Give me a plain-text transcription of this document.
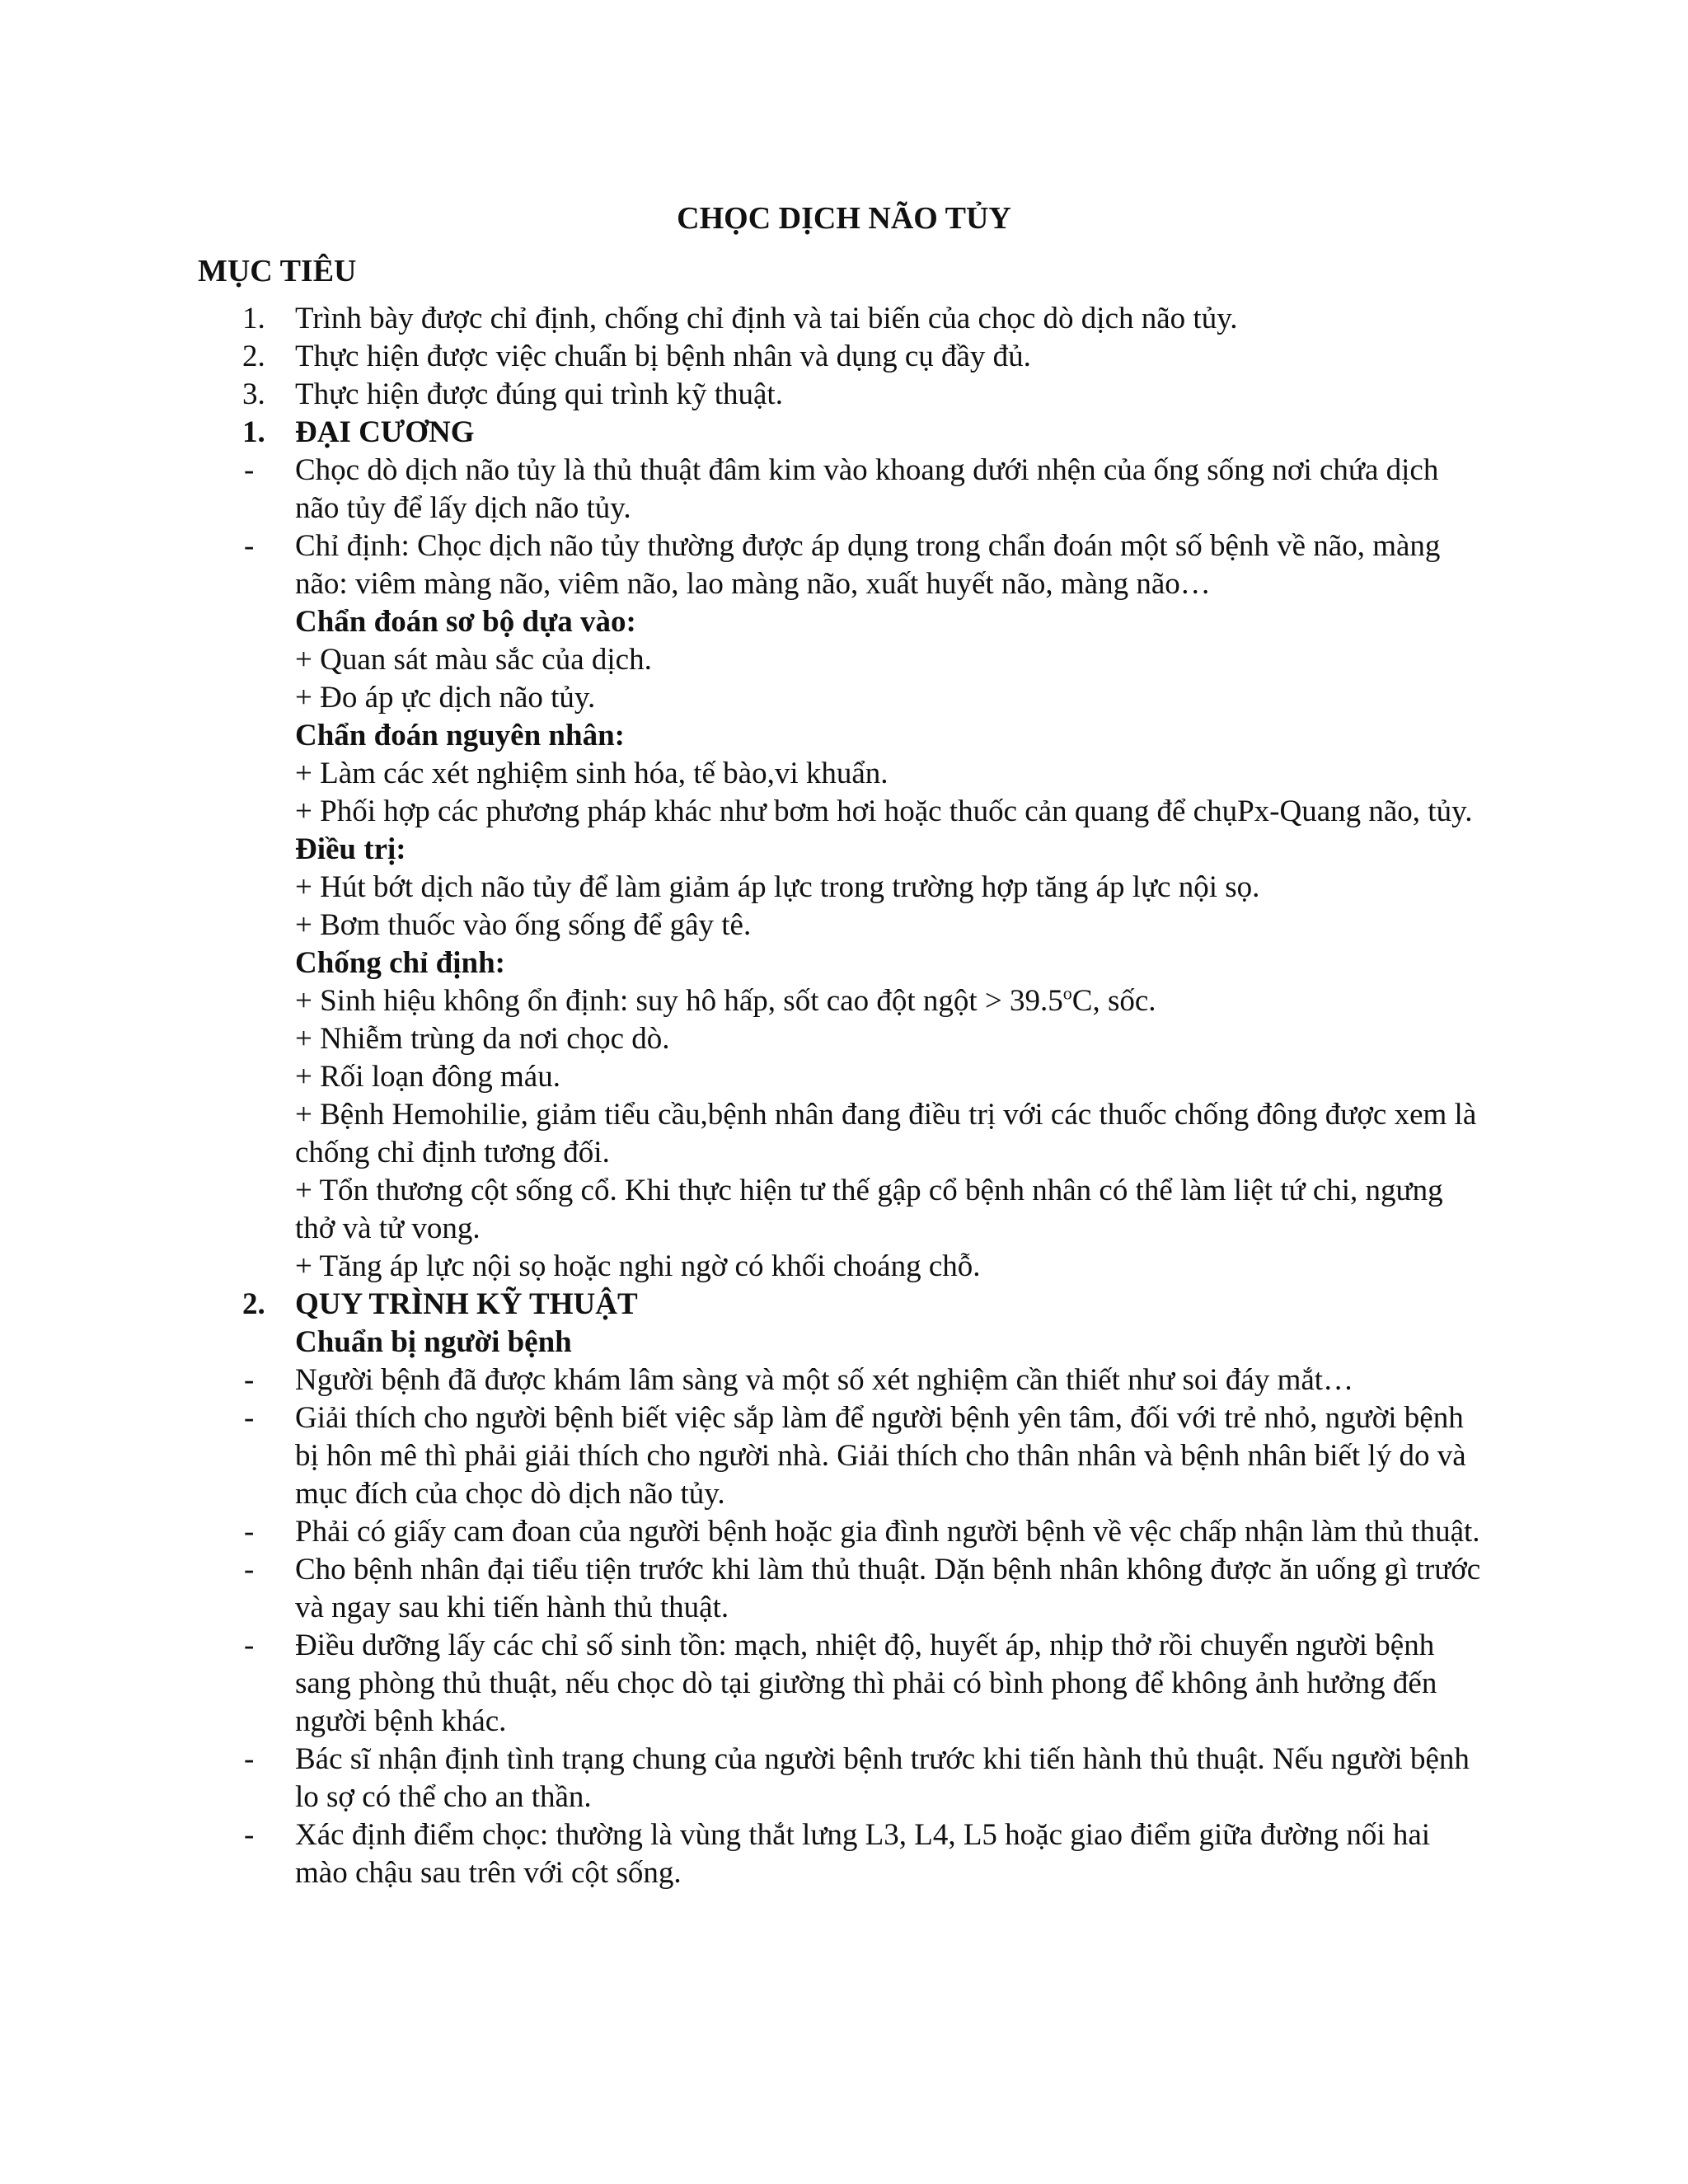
CHỌC DỊCH NÃO TỦY
MỤC TIÊU
1. Trình bày được chỉ định, chống chỉ định và tai biến của chọc dò dịch não tủy.
2. Thực hiện được việc chuẩn bị bệnh nhân và dụng cụ đầy đủ.
3. Thực hiện được đúng qui trình kỹ thuật.
1. ĐẠI CƯƠNG
- Chọc dò dịch não tủy là thủ thuật đâm kim vào khoang dưới nhện của ống sống nơi chứa dịch não tủy để lấy dịch não tủy.
- Chỉ định: Chọc dịch não tủy thường được áp dụng trong chẩn đoán một số bệnh về não, màng não: viêm màng não, viêm não, lao màng não, xuất huyết não, màng não…
Chẩn đoán sơ bộ dựa vào:
+ Quan sát màu sắc của dịch.
+ Đo áp ực dịch não tủy.
Chẩn đoán nguyên nhân:
+ Làm các xét nghiệm sinh hóa, tế bào,vi khuẩn.
+ Phối hợp các phương pháp khác như bơm hơi hoặc thuốc cản quang để chụPx-Quang não, tủy.
Điều trị:
+ Hút bớt dịch não tủy để làm giảm áp lực trong trường hợp tăng áp lực nội sọ.
+ Bơm thuốc vào ống sống để gây tê.
Chống chỉ định:
+ Sinh hiệu không ổn định: suy hô hấp, sốt cao đột ngột > $39.5^oC$, sốc.
+ Nhiễm trùng da nơi chọc dò.
+ Rối loạn đông máu.
+ Bệnh Hemohilie, giảm tiểu cầu,bệnh nhân đang điều trị với các thuốc chống đông được xem là chống chỉ định tương đối.
+ Tổn thương cột sống cổ. Khi thực hiện tư thế gập cổ bệnh nhân có thể làm liệt tứ chi, ngưng thở và tử vong.
+ Tăng áp lực nội sọ hoặc nghi ngờ có khối choáng chỗ.
2. QUY TRÌNH KỸ THUẬT
Chuẩn bị người bệnh
- Người bệnh đã được khám lâm sàng và một số xét nghiệm cần thiết như soi đáy mắt…
- Giải thích cho người bệnh biết việc sắp làm để người bệnh yên tâm, đối với trẻ nhỏ, người bệnh bị hôn mê thì phải giải thích cho người nhà. Giải thích cho thân nhân và bệnh nhân biết lý do và mục đích của chọc dò dịch não tủy.
- Phải có giấy cam đoan của người bệnh hoặc gia đình người bệnh về vệc chấp nhận làm thủ thuật.
- Cho bệnh nhân đại tiểu tiện trước khi làm thủ thuật. Dặn bệnh nhân không được ăn uống gì trước và ngay sau khi tiến hành thủ thuật.
- Điều dưỡng lấy các chỉ số sinh tồn: mạch, nhiệt độ, huyết áp, nhịp thở rồi chuyển người bệnh sang phòng thủ thuật, nếu chọc dò tại giường thì phải có bình phong để không ảnh hưởng đến người bệnh khác.
- Bác sĩ nhận định tình trạng chung của người bệnh trước khi tiến hành thủ thuật. Nếu người bệnh lo sợ có thể cho an thần.
- Xác định điểm chọc: thường là vùng thắt lưng L3, L4, L5 hoặc giao điểm giữa đường nối hai mào chậu sau trên với cột sống.
